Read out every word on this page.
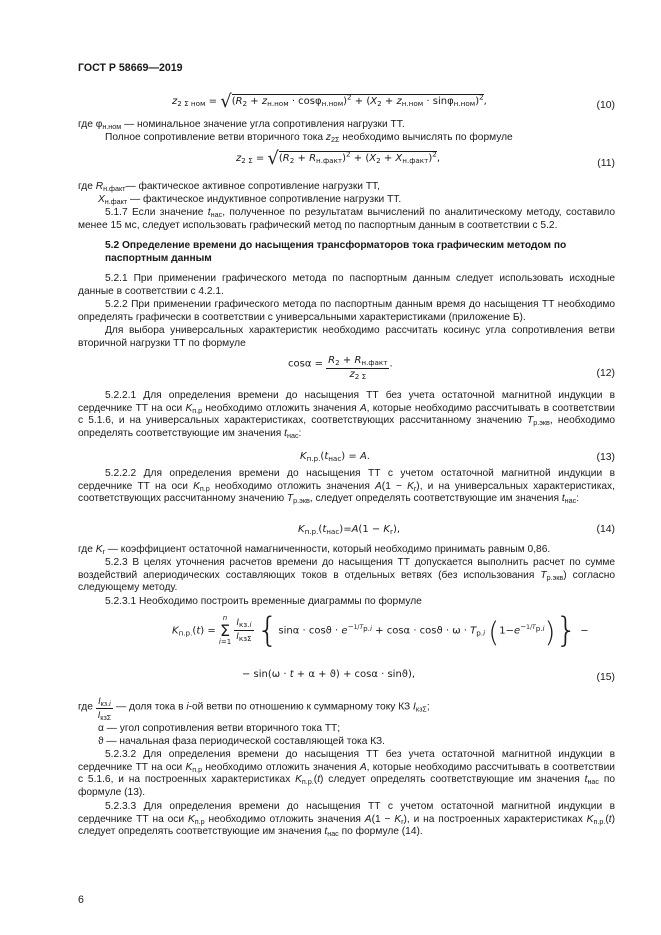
ГОСТ Р 58669—2019
$z_{2 \Sigma ном} = √(R_2 + z_{н.ном} \cdot \cos\varphi_{н.ном})^2 + (X_2 + z_{н.ном} \cdot \sin\varphi_{н.ном})^2$,	(10)
где $\varphi_{н.ном}$ — номинальное значение угла сопротивления нагрузки ТТ.
Полное сопротивление ветви вторичного тока $z_{2\Sigma}$ необходимо вычислять по формуле
$z_{2 \Sigma} = √(R_2 + R_{н.факт})^2 + (X_2 + X_{н.факт})^2$,	(11)
где $R_{н.факт}—$ фактическое активное сопротивление нагрузки ТТ,
$X_{н.факт}$ — фактическое индуктивное сопротивление нагрузки ТТ.
5.1.7 Если значение $t_{нас}$, полученное по результатам вычислений по аналитическому методу, составило менее 15 мс, следует использовать графический метод по паспортным данным в соответствии с 5.2.
5.2 Определение времени до насыщения трансформаторов тока графическим методом по паспортным данным
5.2.1 При применении графического метода по паспортным данным следует использовать исходные данные в соответствии с 4.2.1.
5.2.2 При применении графического метода по паспортным данным время до насыщения ТТ необходимо определять графически в соответствии с универсальными характеристиками (приложение Б).
Для выбора универсальных характеристик необходимо рассчитать косинус угла сопротивления ветви вторичной нагрузки ТТ по формуле
$\cos\alpha = \frac{R_2 + R_{н.факт}}{z_{2 \Sigma}}$ .
(12)
5.2.2.1 Для определения времени до насыщения ТТ без учета остаточной магнитной индукции в сердечнике ТТ на оси $K_{п.р}$ необходимо отложить значения A, которые необходимо рассчитывать в соответствии с 5.1.6, и на универсальных характеристиках, соответствующих рассчитанному значению $T_{р.экв}$, необходимо определять соответствующие им значения $t_{нас}$:
$K_{п.р.}(t_{нас}) = A$.	(13)
5.2.2.2 Для определения времени до насыщения ТТ с учетом остаточной магнитной индукции в сердечнике ТТ на оси $K_{п.р}$ необходимо отложить значения $A(1 - K_r)$, и на универсальных характеристиках, соответствующих рассчитанному значению $T_{р.экв}$, следует определять соответствующие им значения $t_{нас}$:
$K_{п.р.}(t_{нас})=A(1 - K_r)$,	(14)
где $K_r$ — коэффициент остаточной намагниченности, который необходимо принимать равным 0,86.
5.2.3 В целях уточнения расчетов времени до насыщения ТТ допускается выполнить расчет по сумме воздействий апериодических составляющих токов в отдельных ветвях (без использования $T_{р.экв}$) согласно следующему методу.
5.2.3.1 Необходимо построить временные диаграммы по формуле
$K_{п.р.}(t)$ =
n
Σ
i=1
$\frac{I_{кз.i}}{I_{кз\Sigma}} \{\sin\alpha \cdot \cos ϑ \cdot e^{-1/T_{р.i}} + \cos\alpha \cdot \cos ϑ \cdot \omega \cdot T_{р.i}$ $(1-e^{-1/T_{р.i}})$} −
− sin(ω · t + α + ϑ) + cosα · sinϑ),	(15)
где $\frac{I_{кз.i}}{I_{кз\Sigma}}$ — доля тока в i-ой ветви по отношению к суммарному току КЗ $I_{кз\Sigma}$;
α — угол сопротивления ветви вторичного тока ТТ;
ϑ — начальная фаза периодической составляющей тока КЗ.
5.2.3.2 Для определения времени до насыщения ТТ без учета остаточной магнитной индукции в сердечнике ТТ на оси $K_{п.р}$ необходимо отложить значения A, которые необходимо рассчитывать в соответствии с 5.1.6, и на построенных характеристиках $K_{п.р.}(t)$ следует определять соответствующие им значения $t_{нас}$ по формуле (13).
5.2.3.3 Для определения времени до насыщения ТТ с учетом остаточной магнитной индукции в сердечнике ТТ на оси $K_{п.р}$ необходимо отложить значения $A(1 - K_r)$, и на построенных характеристиках $K_{п.р.}(t)$ следует определять соответствующие им значения $t_{нас}$ по формуле (14).
6
